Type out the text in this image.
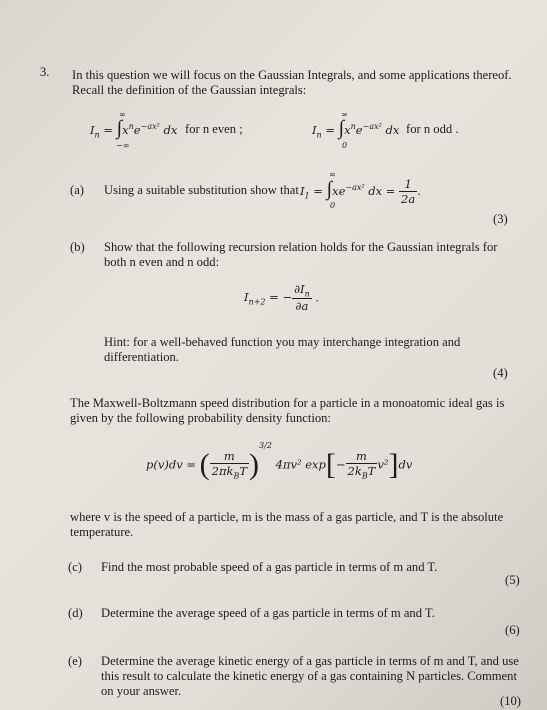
3. In this question we will focus on the Gaussian Integrals, and some applications thereof. Recall the definition of the Gaussian integrals:
$I_n = \int x^ne^{-ax^2}$ dx
∞
−∞
for n even ;	$I_n = \int x^ne^{-ax^2}$ dx
∞
0
for n odd .
(a) Using a suitable substitution show that $I_1 = \int xe^{-ax^2}$ dx = $\frac{1}{2a}$ .
∞
0
(3)
(b) Show that the following recursion relation holds for the Gaussian integrals for both n even and n odd:
$I_{n+2}$ = − $\frac{\partial I_n}{\partial a}$ .
Hint: for a well-behaved function you may interchange integration and differentiation.
(4)
The Maxwell-Boltzmann speed distribution for a particle in a monoatomic ideal gas is given by the following probability density function:
p(v)dv = ( $\frac{m}{2\pi k_BT} )^{3/2}$ 4πv² $\exp[- \frac{m}{2k_BT} v^2]dv$
where v is the speed of a particle, m is the mass of a gas particle, and T is the absolute temperature.
(c) Find the most probable speed of a gas particle in terms of m and T.
(5)
(d) Determine the average speed of a gas particle in terms of m and T.
(6)
(e) Determine the average kinetic energy of a gas particle in terms of m and T, and use this result to calculate the kinetic energy of a gas containing N particles. Comment on your answer.
(10)
